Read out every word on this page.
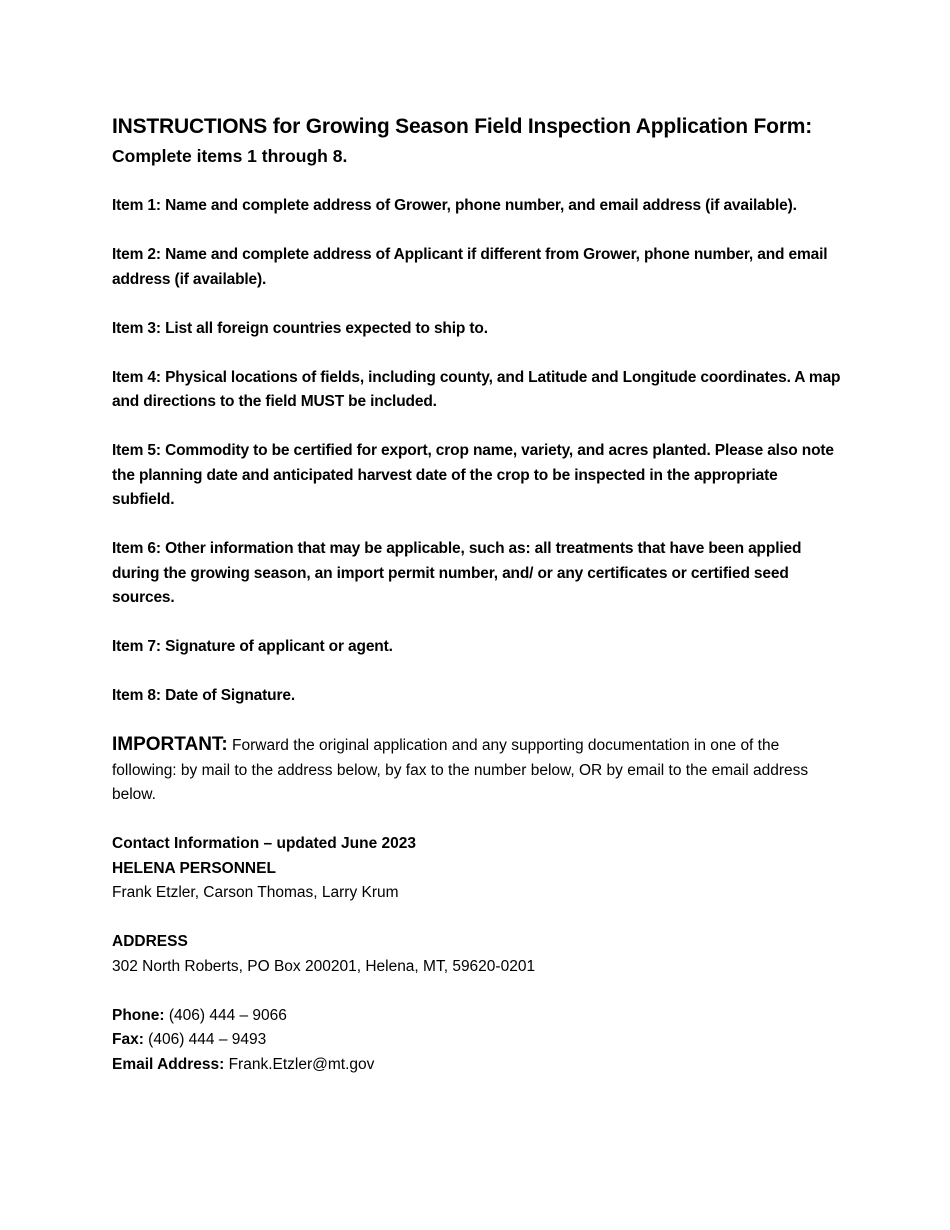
INSTRUCTIONS for Growing Season Field Inspection Application Form:
Complete items 1 through 8.

Item 1: Name and complete address of Grower, phone number, and email address (if available).

Item 2: Name and complete address of Applicant if different from Grower, phone number, and email address (if available).

Item 3: List all foreign countries expected to ship to.

Item 4: Physical locations of fields, including county, and Latitude and Longitude coordinates. A map and directions to the field MUST be included.

Item 5: Commodity to be certified for export, crop name, variety, and acres planted. Please also note the planning date and anticipated harvest date of the crop to be inspected in the appropriate subfield.

Item 6: Other information that may be applicable, such as: all treatments that have been applied during the growing season, an import permit number, and/ or any certificates or certified seed sources.

Item 7: Signature of applicant or agent.

Item 8: Date of Signature.

IMPORTANT: Forward the original application and any supporting documentation in one of the following: by mail to the address below, by fax to the number below, OR by email to the email address below.

Contact Information – updated June 2023

HELENA PERSONNEL

Frank Etzler, Carson Thomas, Larry Krum

ADDRESS

302 North Roberts, PO Box 200201, Helena, MT, 59620-0201

Phone: (406) 444 – 9066

Fax: (406) 444 – 9493

Email Address: Frank.Etzler@mt.gov
